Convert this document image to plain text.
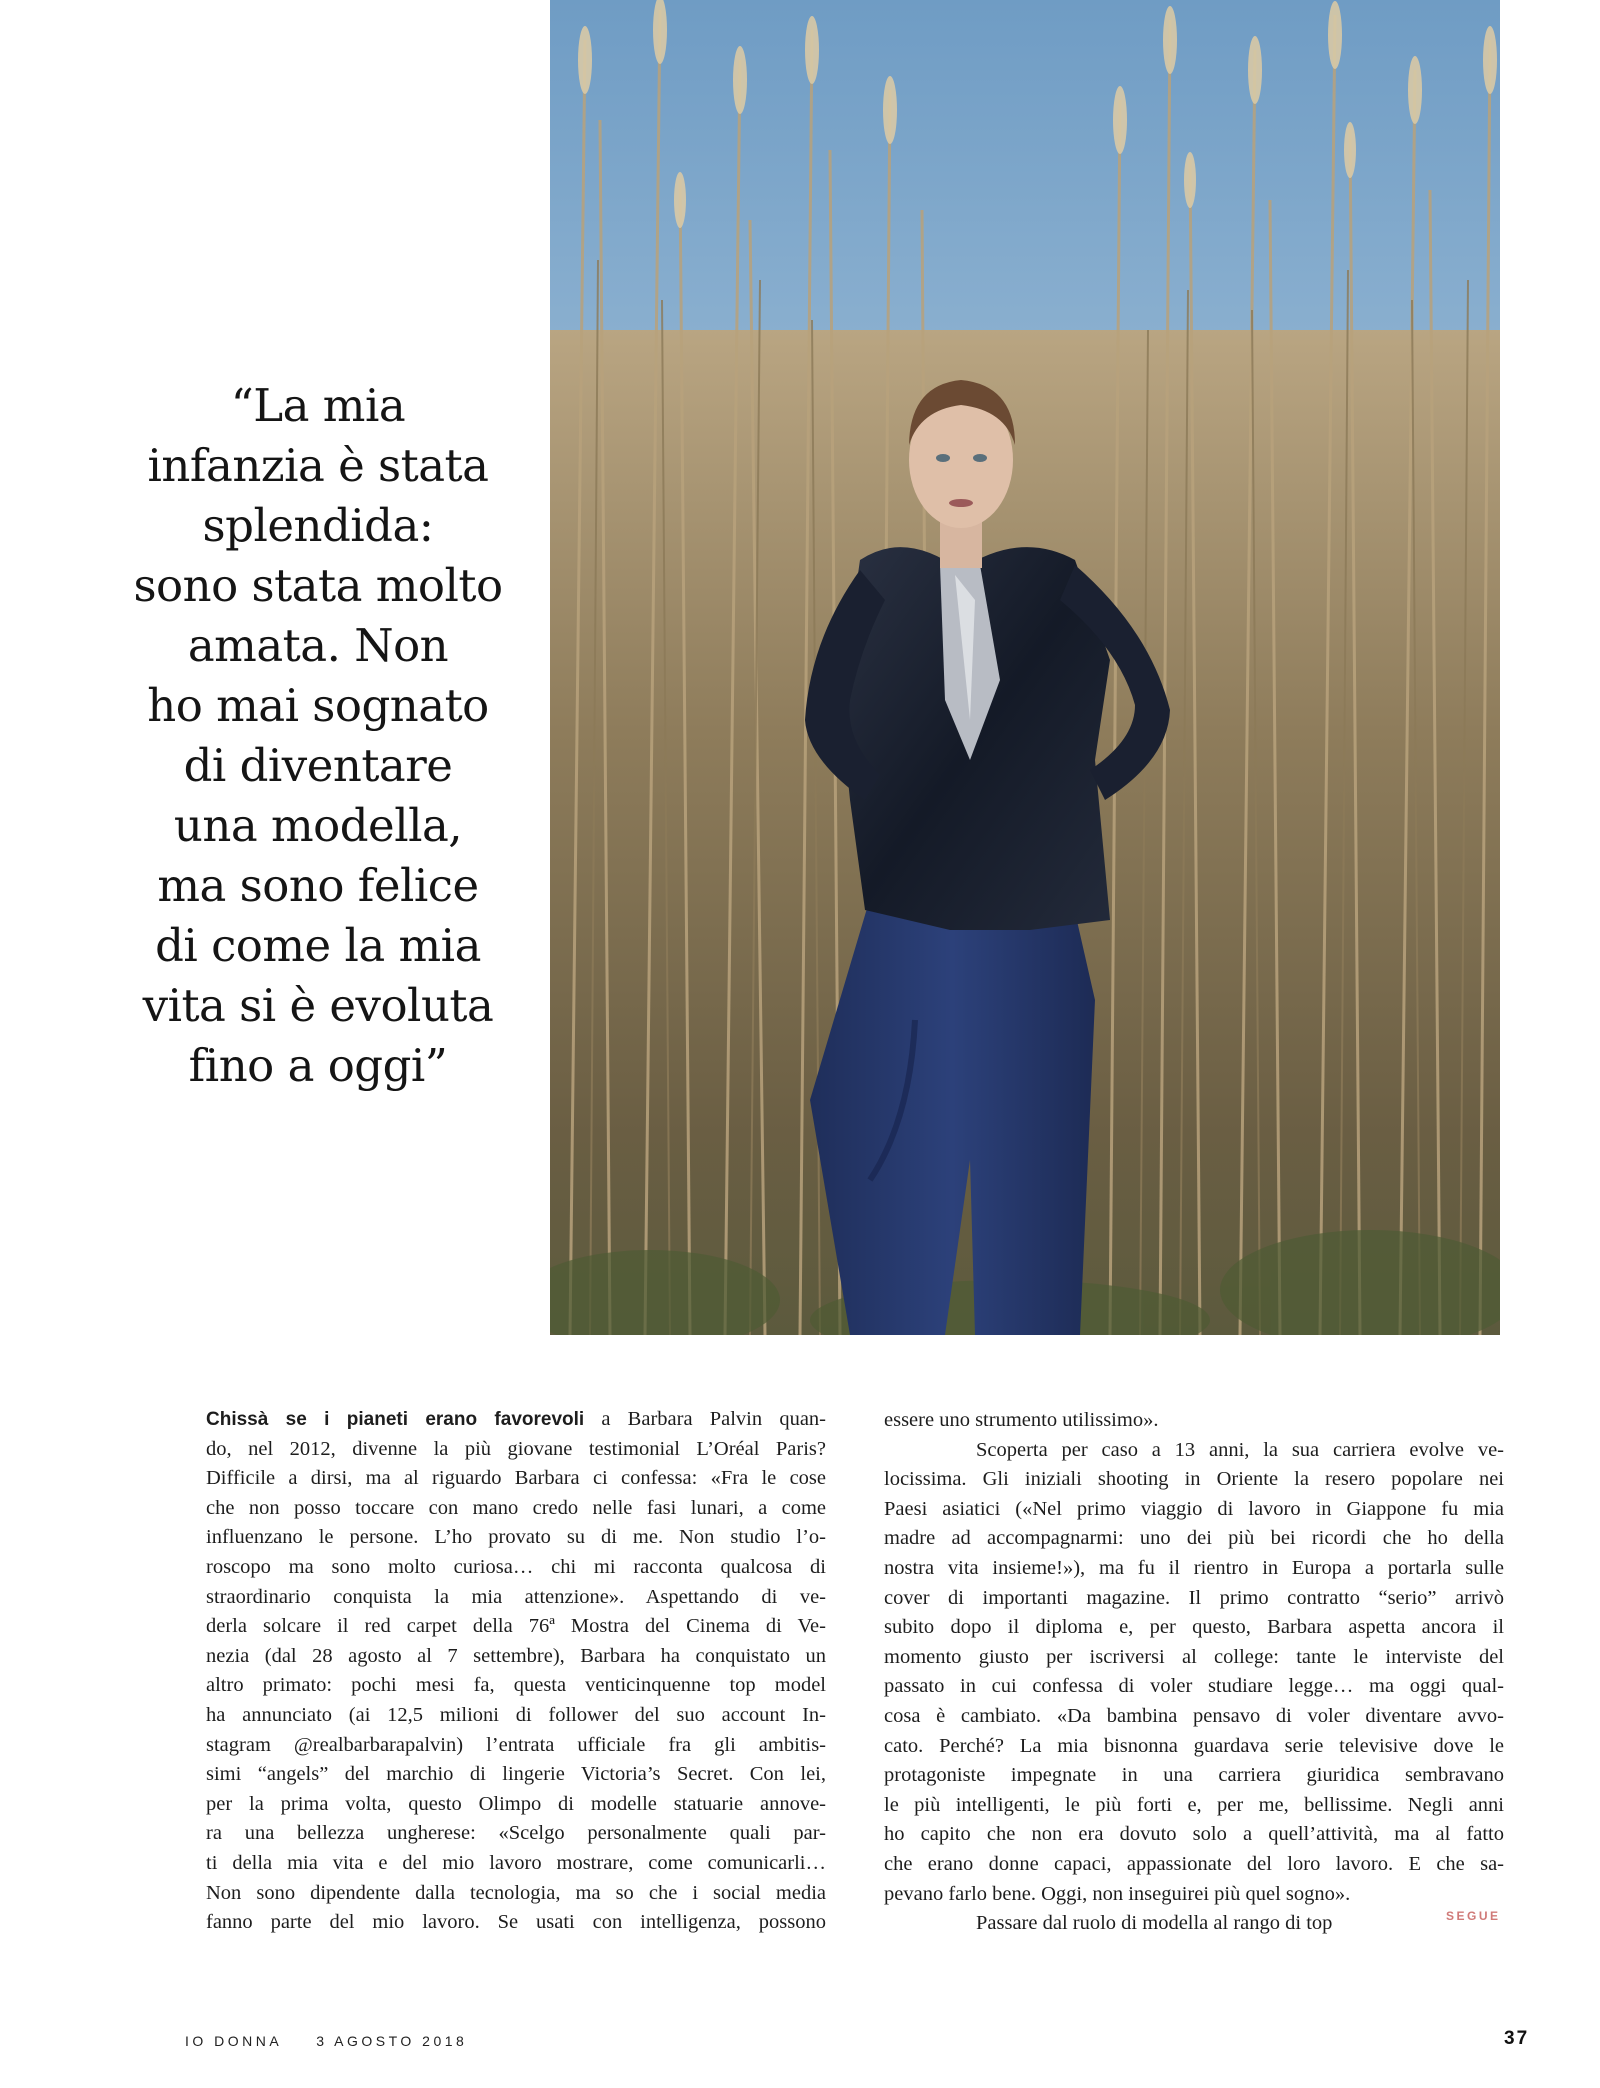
“La mia
infanzia è stata
splendida:
sono stata molto
amata. Non
ho mai sognato
di diventare
una modella,
ma sono felice
di come la mia
vita si è evoluta
fino a oggi”
Chissà se i pianeti erano favorevoli a Barbara Palvin quan-
do, nel 2012, divenne la più giovane testimonial L’Oréal Paris?
Difficile a dirsi, ma al riguardo Barbara ci confessa: «Fra le cose
che non posso toccare con mano credo nelle fasi lunari, a come
influenzano le persone. L’ho provato su di me. Non studio l’o-
roscopo ma sono molto curiosa… chi mi racconta qualcosa di
straordinario conquista la mia attenzione». Aspettando di ve-
derla solcare il red carpet della 76ª Mostra del Cinema di Ve-
nezia (dal 28 agosto al 7 settembre), Barbara ha conquistato un
altro primato: pochi mesi fa, questa venticinquenne top model
ha annunciato (ai 12,5 milioni di follower del suo account In-
stagram @realbarbarapalvin) l’entrata ufficiale fra gli ambitis-
simi “angels” del marchio di lingerie Victoria’s Secret. Con lei,
per la prima volta, questo Olimpo di modelle statuarie annove-
ra una bellezza ungherese: «Scelgo personalmente quali par-
ti della mia vita e del mio lavoro mostrare, come comunicarli…
Non sono dipendente dalla tecnologia, ma so che i social media
fanno parte del mio lavoro. Se usati con intelligenza, possono
essere uno strumento utilissimo».
Scoperta per caso a 13 anni, la sua carriera evolve ve-
locissima. Gli iniziali shooting in Oriente la resero popolare nei
Paesi asiatici («Nel primo viaggio di lavoro in Giappone fu mia
madre ad accompagnarmi: uno dei più bei ricordi che ho della
nostra vita insieme!»), ma fu il rientro in Europa a portarla sulle
cover di importanti magazine. Il primo contratto “serio” arrivò
subito dopo il diploma e, per questo, Barbara aspetta ancora il
momento giusto per iscriversi al college: tante le interviste del
passato in cui confessa di voler studiare legge… ma oggi qual-
cosa è cambiato. «Da bambina pensavo di voler diventare avvo-
cato. Perché? La mia bisnonna guardava serie televisive dove le
protagoniste impegnate in una carriera giuridica sembravano
le più intelligenti, le più forti e, per me, bellissime. Negli anni
ho capito che non era dovuto solo a quell’attività, ma al fatto
che erano donne capaci, appassionate del loro lavoro. E che sa-
pevano farlo bene. Oggi, non inseguirei più quel sogno».
Passare dal ruolo di modella al rango di top	SEGUE
IO DONNA 3 AGOSTO 2018	37
